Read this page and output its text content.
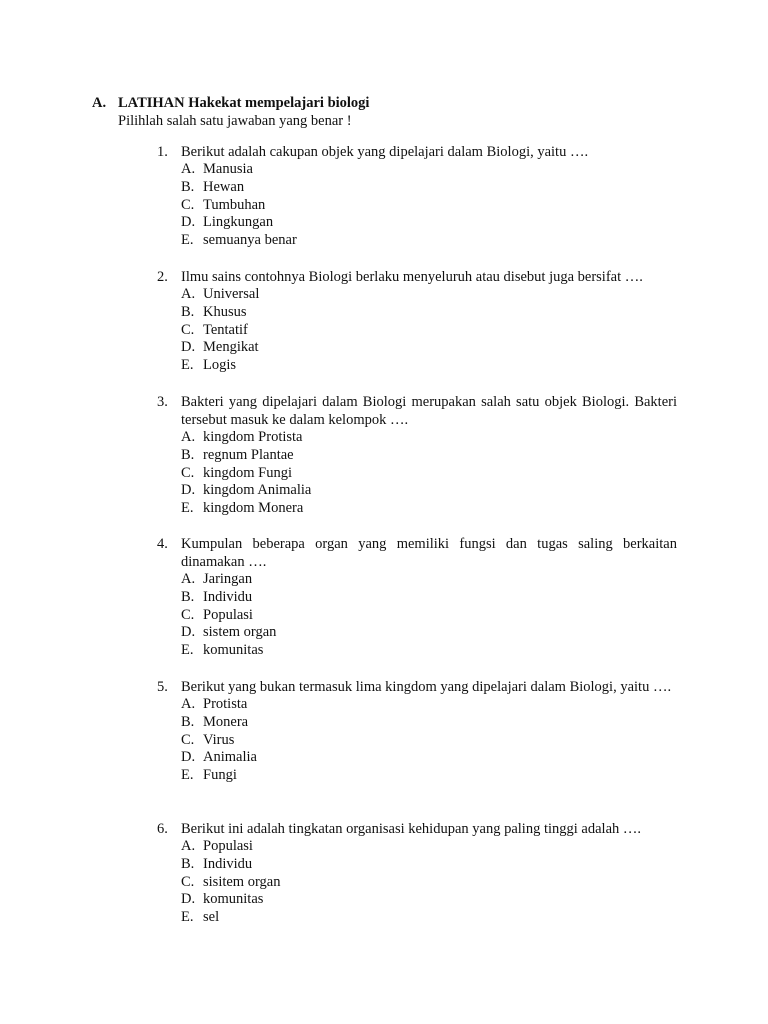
A. LATIHAN Hakekat mempelajari biologi
Pilihlah salah satu jawaban yang benar !
1. Berikut adalah cakupan objek yang dipelajari dalam Biologi, yaitu ….
A. Manusia
B. Hewan
C. Tumbuhan
D. Lingkungan
E. semuanya benar
2. Ilmu sains contohnya Biologi berlaku menyeluruh atau disebut juga bersifat ….
A. Universal
B. Khusus
C. Tentatif
D. Mengikat
E. Logis
3. Bakteri yang dipelajari dalam Biologi merupakan salah satu objek Biologi. Bakteri tersebut masuk ke dalam kelompok ….
A. kingdom Protista
B. regnum Plantae
C. kingdom Fungi
D. kingdom Animalia
E. kingdom Monera
4. Kumpulan beberapa organ yang memiliki fungsi dan tugas saling berkaitan dinamakan ….
A. Jaringan
B. Individu
C. Populasi
D. sistem organ
E. komunitas
5. Berikut yang bukan termasuk lima kingdom yang dipelajari dalam Biologi, yaitu ….
A. Protista
B. Monera
C. Virus
D. Animalia
E. Fungi
6. Berikut ini adalah tingkatan organisasi kehidupan yang paling tinggi adalah ….
A. Populasi
B. Individu
C. sisitem organ
D. komunitas
E. sel
